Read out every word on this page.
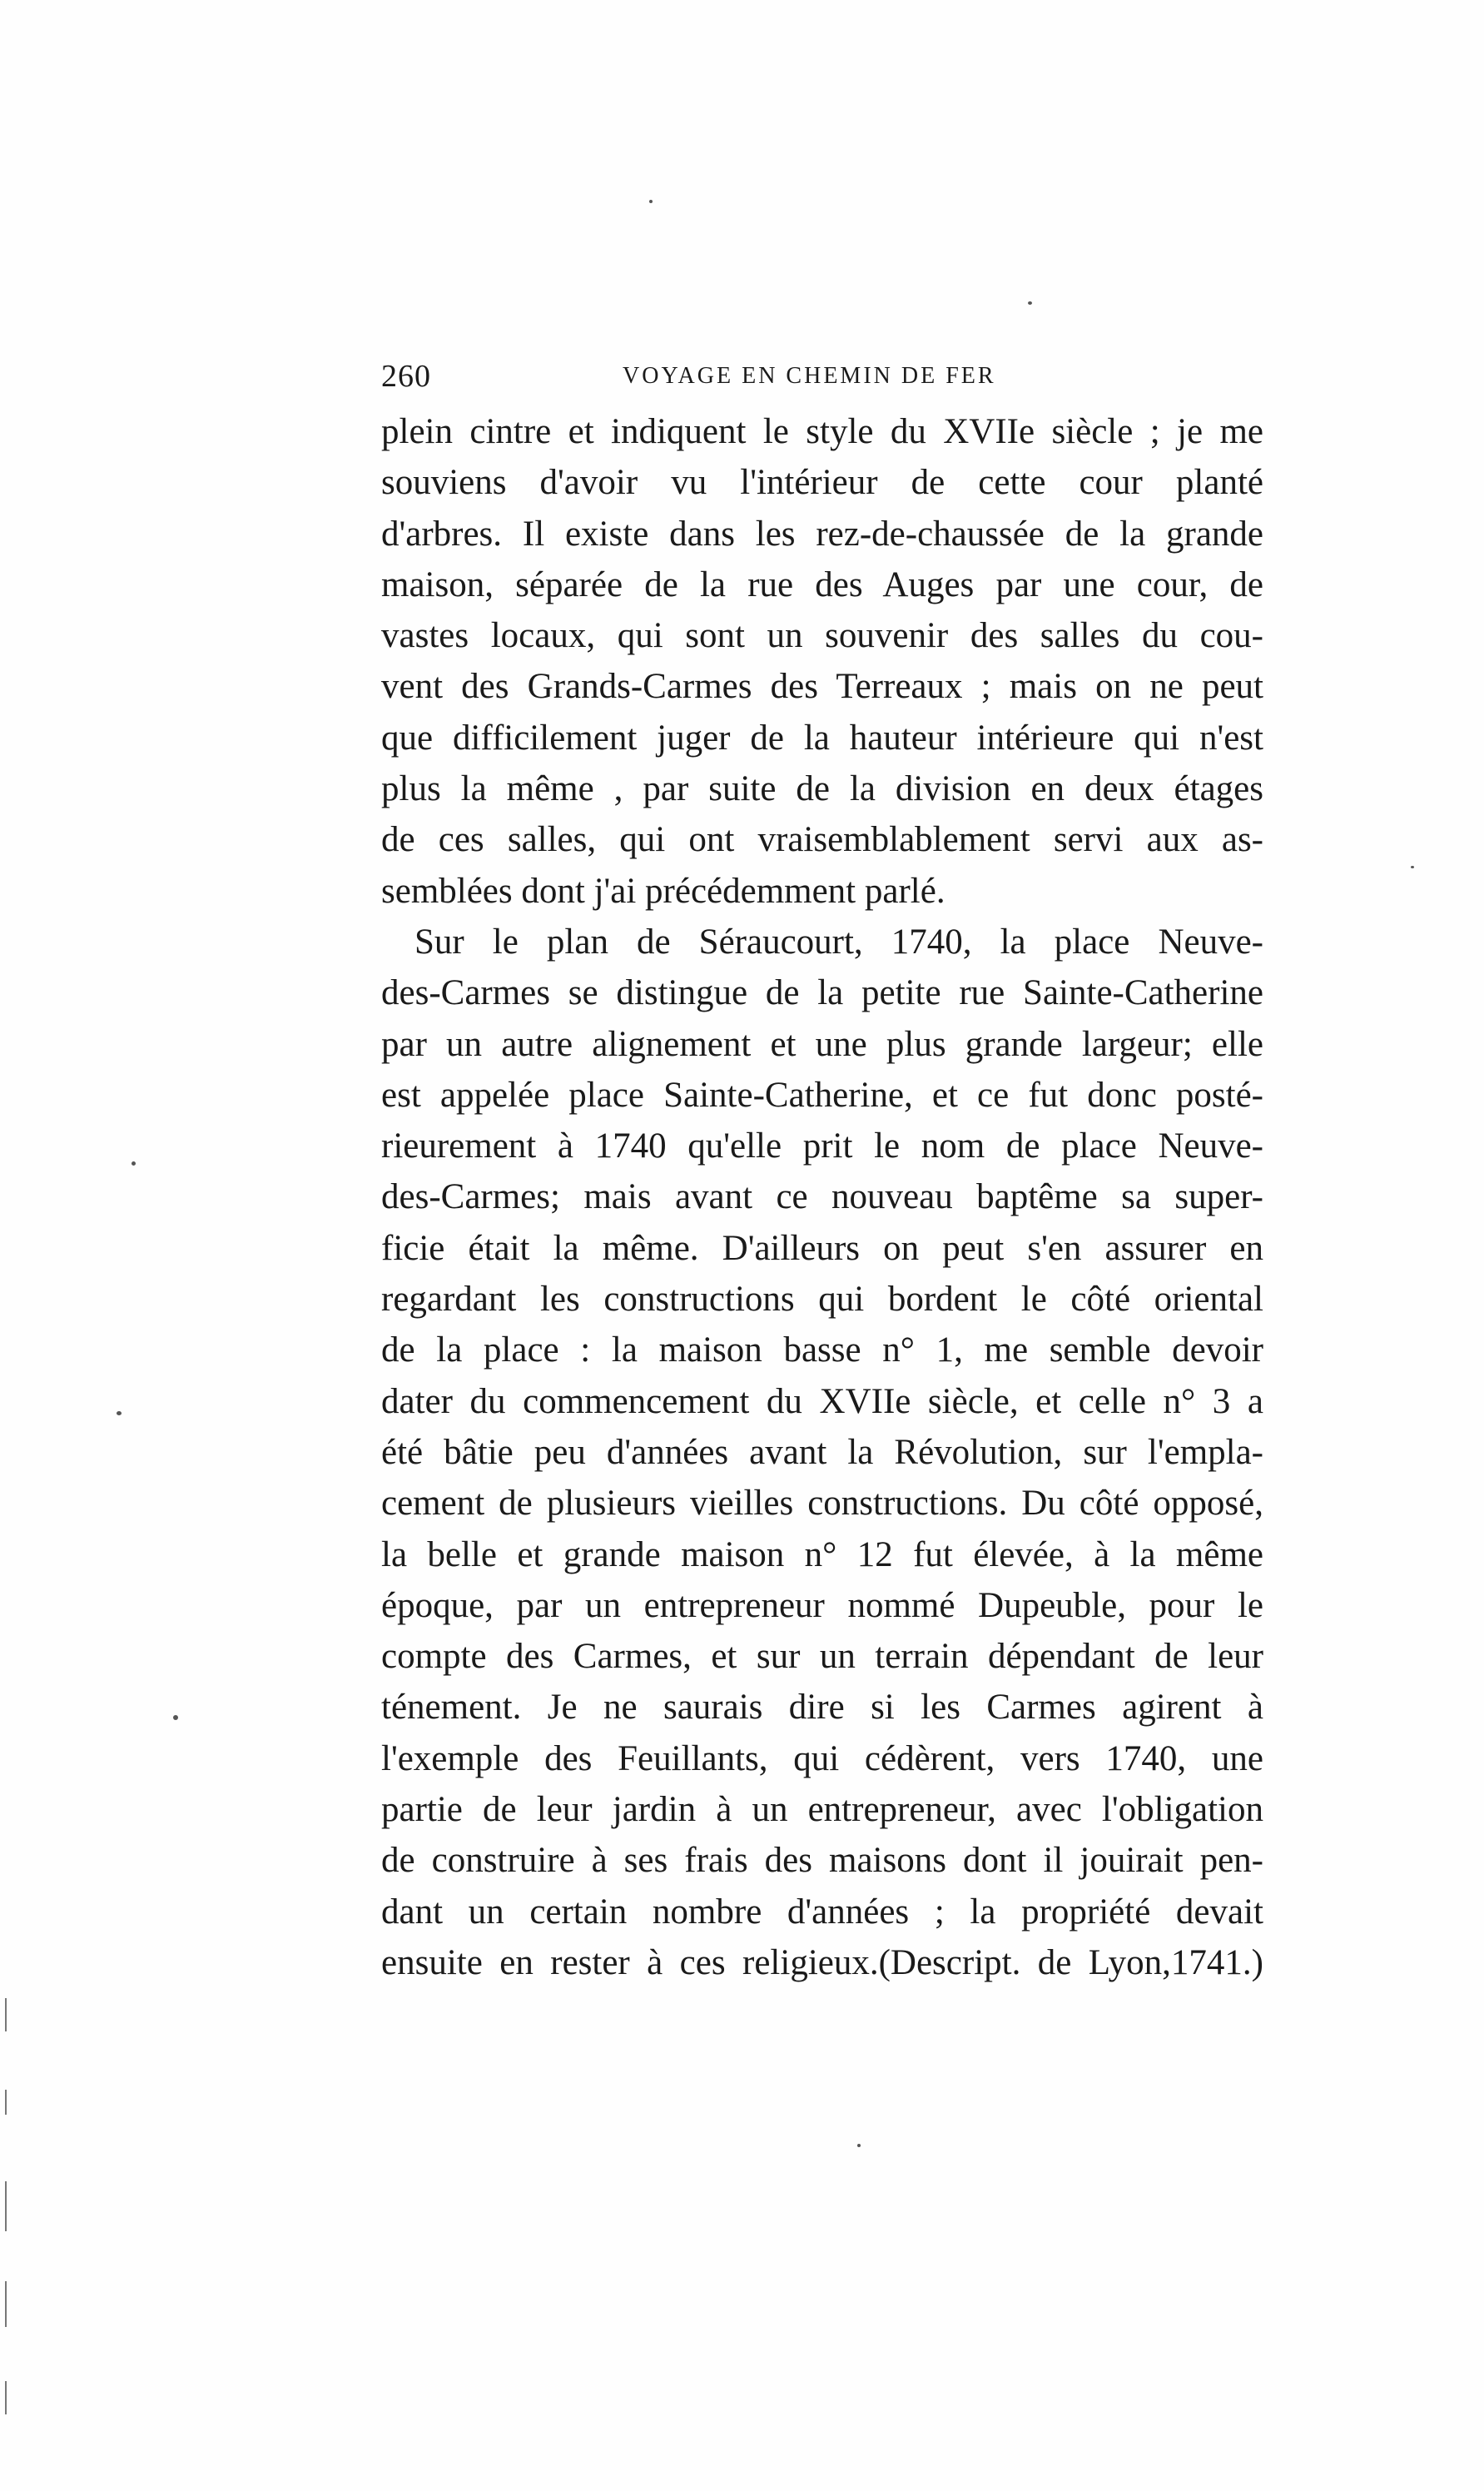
260	VOYAGE EN CHEMIN DE FER
plein cintre et indiquent le style du XVIIe siècle ; je me
souviens d'avoir vu l'intérieur de cette cour planté
d'arbres. Il existe dans les rez-de-chaussée de la grande
maison, séparée de la rue des Auges par une cour, de
vastes locaux, qui sont un souvenir des salles du cou-
vent des Grands-Carmes des Terreaux ; mais on ne peut
que difficilement juger de la hauteur intérieure qui n'est
plus la même , par suite de la division en deux étages
de ces salles, qui ont vraisemblablement servi aux as-
semblées dont j'ai précédemment parlé.
Sur le plan de Séraucourt, 1740, la place Neuve-
des-Carmes se distingue de la petite rue Sainte-Catherine
par un autre alignement et une plus grande largeur; elle
est appelée place Sainte-Catherine, et ce fut donc posté-
rieurement à 1740 qu'elle prit le nom de place Neuve-
des-Carmes; mais avant ce nouveau baptême sa super-
ficie était la même. D'ailleurs on peut s'en assurer en
regardant les constructions qui bordent le côté oriental
de la place : la maison basse n° 1, me semble devoir
dater du commencement du XVIIe siècle, et celle n° 3 a
été bâtie peu d'années avant la Révolution, sur l'empla-
cement de plusieurs vieilles constructions. Du côté opposé,
la belle et grande maison n° 12 fut élevée, à la même
époque, par un entrepreneur nommé Dupeuble, pour le
compte des Carmes, et sur un terrain dépendant de leur
ténement. Je ne saurais dire si les Carmes agirent à
l'exemple des Feuillants, qui cédèrent, vers 1740, une
partie de leur jardin à un entrepreneur, avec l'obligation
de construire à ses frais des maisons dont il jouirait pen-
dant un certain nombre d'années ; la propriété devait
ensuite en rester à ces religieux.(Descript. de Lyon,1741.)
